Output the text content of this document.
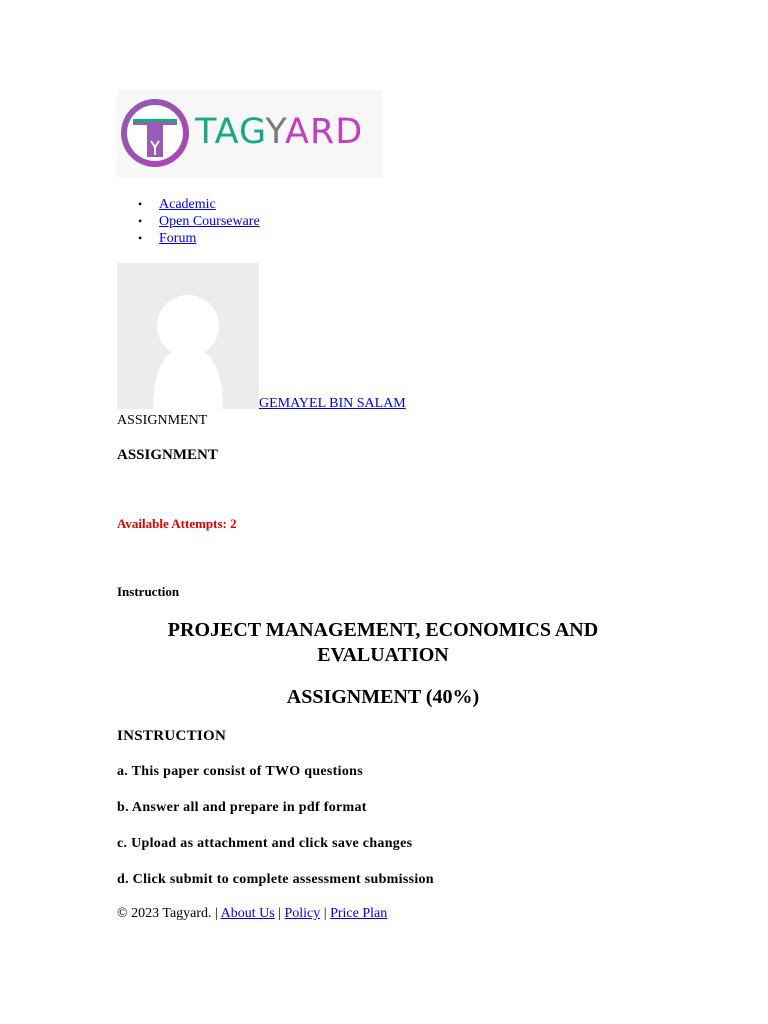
TAGYARD
• Academic
• Open Courseware
• Forum
GEMAYEL BIN SALAM
ASSIGNMENT
ASSIGNMENT
Available Attempts: 2
Instruction
PROJECT MANAGEMENT, ECONOMICS AND EVALUATION
ASSIGNMENT (40%)
INSTRUCTION
a. This paper consist of TWO questions
b. Answer all and prepare in pdf format
c. Upload as attachment and click save changes
d. Click submit to complete assessment submission
© 2023 Tagyard. | About Us | Policy | Price Plan
